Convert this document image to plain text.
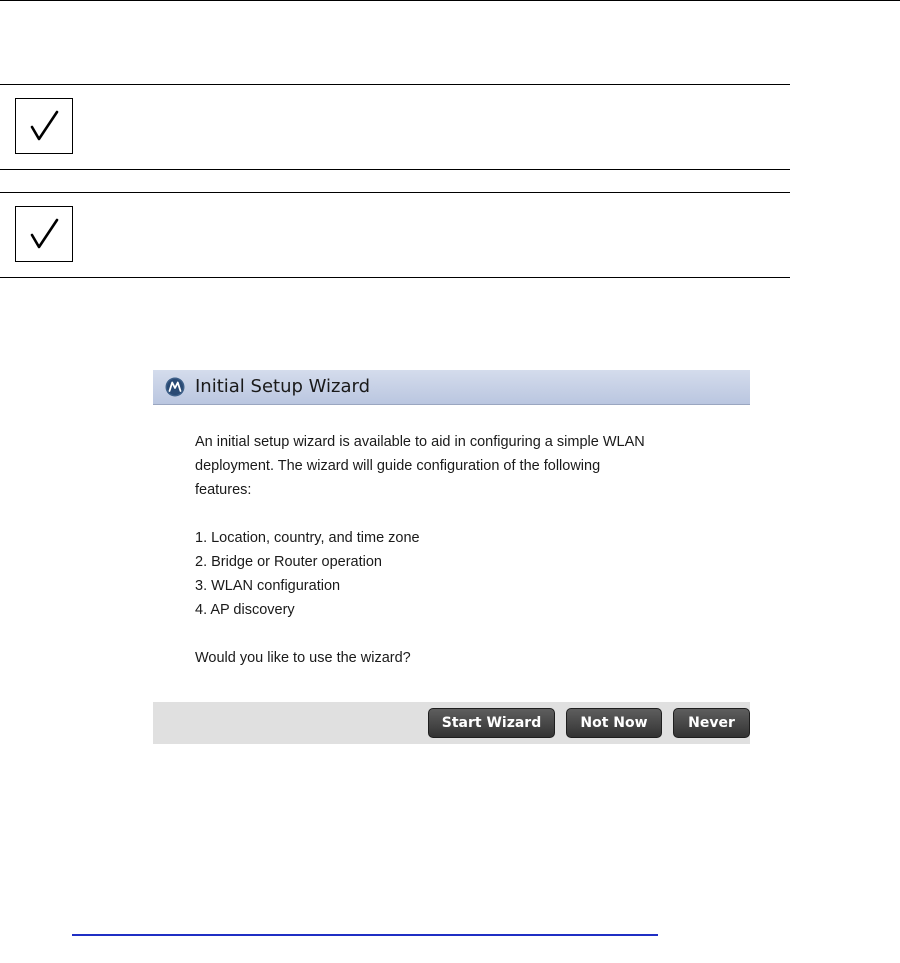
Initial Setup Wizard
An initial setup wizard is available to aid in configuring a simple WLAN
deployment. The wizard will guide configuration of the following
features:
1. Location, country, and time zone
2. Bridge or Router operation
3. WLAN configuration
4. AP discovery
Would you like to use the wizard?
Start Wizard	Not Now	Never
